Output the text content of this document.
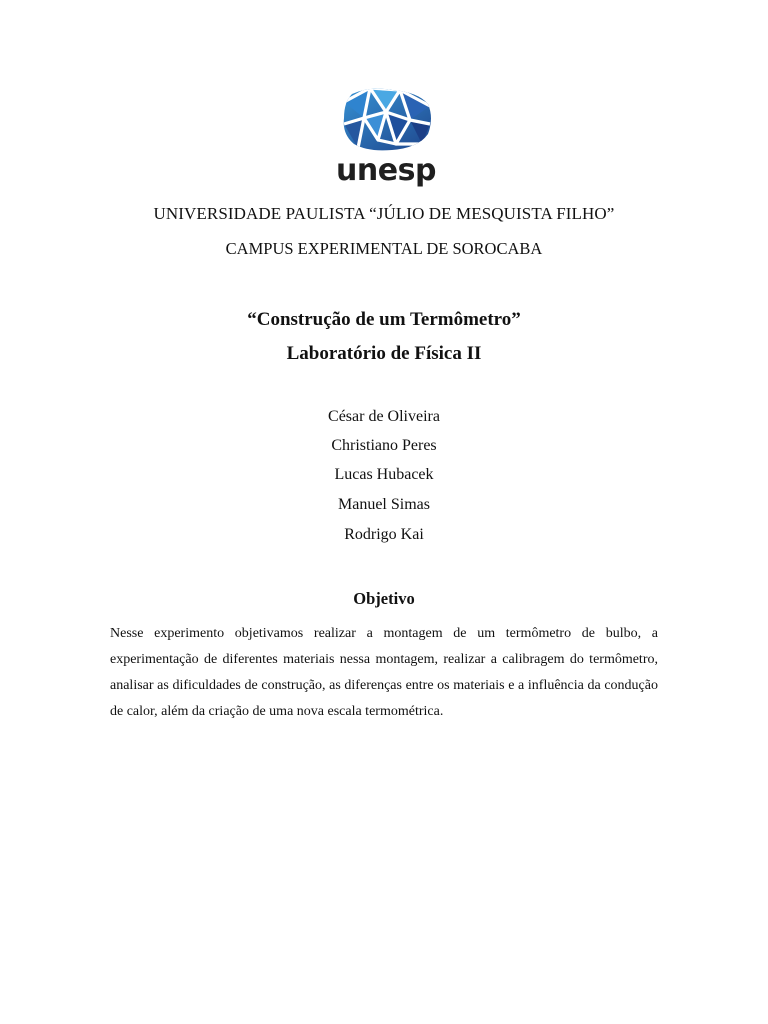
unesp
UNIVERSIDADE PAULISTA “JÚLIO DE MESQUISTA FILHO”
CAMPUS EXPERIMENTAL DE SOROCABA
“Construção de um Termômetro”
Laboratório de Física II
César de Oliveira
Christiano Peres
Lucas Hubacek
Manuel Simas
Rodrigo Kai
Objetivo

Nesse experimento objetivamos realizar a montagem de um termômetro de bulbo, a experimentação de diferentes materiais nessa montagem, realizar a calibragem do termômetro, analisar as dificuldades de construção, as diferenças entre os materiais e a influência da condução de calor, além da criação de uma nova escala termométrica.
